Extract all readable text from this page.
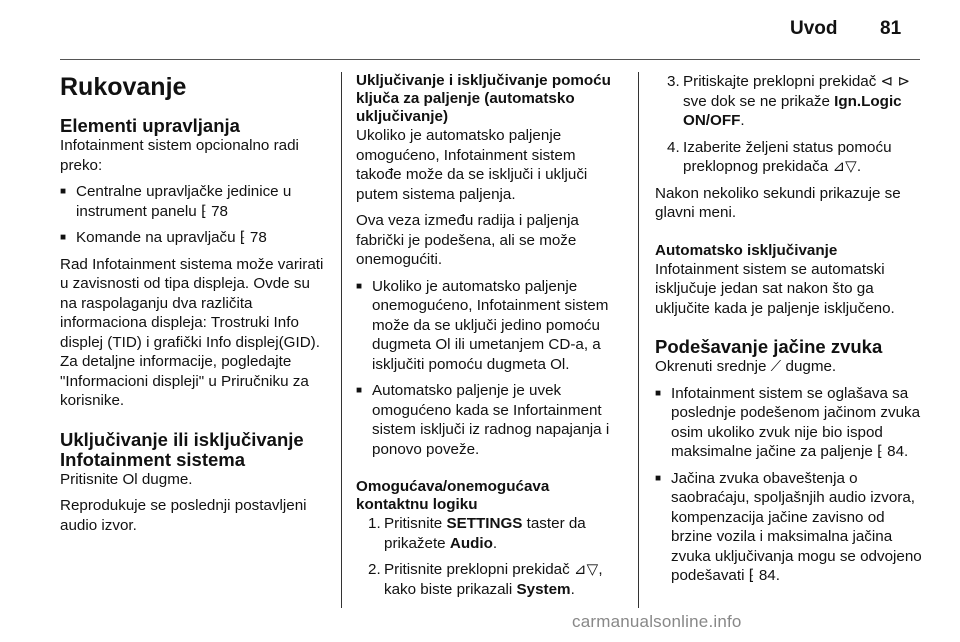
Uvod 81
Rukovanje
Elementi upravljanja

Infotainment sistem opcionalno radi preko:

■ Centralne upravljačke jedinice u instrument panelu ⁅ 78
■ Komande na upravljaču ⁅ 78

Rad Infotainment sistema može varirati u zavisnosti od tipa displeja. Ovde su na raspolaganju dva različita informaciona displeja: Trostruki Info displej (TID) i grafički Info displej(GID). Za detaljne informacije, pogledajte "Informacioni displeji" u Priručniku za korisnike.

Uključivanje ili isključivanje
Infotainment sistema

Pritisnite Ol dugme.

Reprodukuje se poslednji postavljeni audio izvor.

Uključivanje i isključivanje pomoću ključa za paljenje (automatsko uključivanje)

Ukoliko je automatsko paljenje omogućeno, Infotainment sistem takođe može da se isključi i uključi putem sistema paljenja.

Ova veza između radija i paljenja fabrički je podešena, ali se može onemogućiti.

■ Ukoliko je automatsko paljenje onemogućeno, Infotainment sistem može da se uključi jedino pomoću dugmeta Ol ili umetanjem CD-a, a isključiti pomoću dugmeta Ol.
■ Automatsko paljenje je uvek omogućeno kada se Infortainment sistem isključi iz radnog napajanja i ponovo poveže.
Omogućava/onemogućava kontaktnu logiku
1. Pritisnite SETTINGS taster da prikažete Audio.
2. Pritisnite preklopni prekidač ⊿▽, kako biste prikazali System.
3. Pritiskajte preklopni prekidač ⊲ ⊳ sve dok se ne prikaže Ign.Logic ON/OFF.
4. Izaberite željeni status pomoću preklopnog prekidača ⊿▽.

Nakon nekoliko sekundi prikazuje se glavni meni.

Automatsko isključivanje

Infotainment sistem se automatski isključuje jedan sat nakon što ga uključite kada je paljenje isključeno.

Podešavanje jačine zvuka

Okrenuti srednje ⟋ dugme.

■ Infotainment sistem se oglašava sa poslednje podešenom jačinom zvuka osim ukoliko zvuk nije bio ispod maksimalne jačine za paljenje ⁅ 84.
■ Jačina zvuka obaveštenja o saobraćaju, spoljašnjih audio izvora, kompenzacija jačine zavisno od brzine vozila i maksimalna jačina zvuka uključivanja mogu se odvojeno podešavati ⁅ 84.
carmanualsonline.info
